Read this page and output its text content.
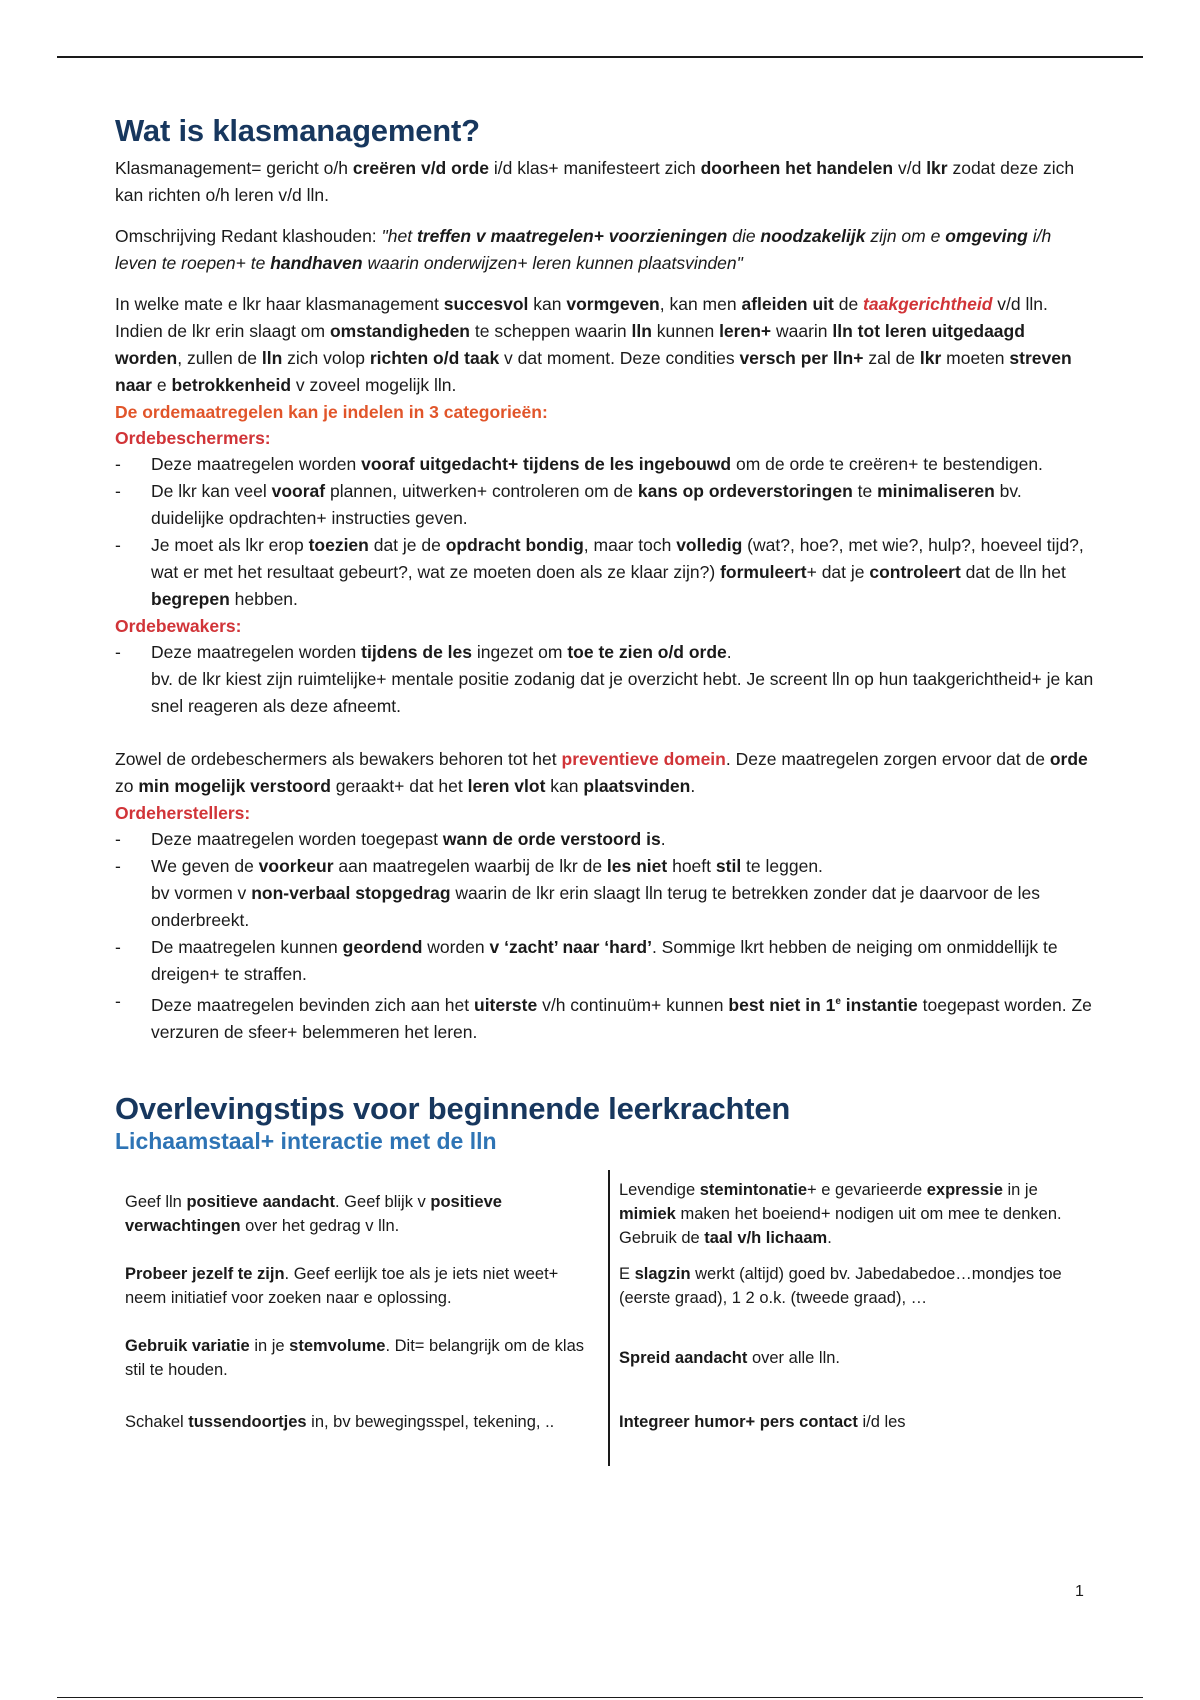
Wat is klasmanagement?

Klasmanagement= gericht o/h creëren v/d orde i/d klas+ manifesteert zich doorheen het handelen v/d lkr zodat deze zich kan richten o/h leren v/d lln.

Omschrijving Redant klashouden: "het treffen v maatregelen+ voorzieningen die noodzakelijk zijn om e omgeving i/h leven te roepen+ te handhaven waarin onderwijzen+ leren kunnen plaatsvinden"

In welke mate e lkr haar klasmanagement succesvol kan vormgeven, kan men afleiden uit de taakgerichtheid v/d lln. Indien de lkr erin slaagt om omstandigheden te scheppen waarin lln kunnen leren+ waarin lln tot leren uitgedaagd worden, zullen de lln zich volop richten o/d taak v dat moment. Deze condities versch per lln+ zal de lkr moeten streven naar e betrokkenheid v zoveel mogelijk lln.

De ordemaatregelen kan je indelen in 3 categorieën:

Ordebeschermers:

- Deze maatregelen worden vooraf uitgedacht+ tijdens de les ingebouwd om de orde te creëren+ te bestendigen.
- De lkr kan veel vooraf plannen, uitwerken+ controleren om de kans op ordeverstoringen te minimaliseren bv. duidelijke opdrachten+ instructies geven.
- Je moet als lkr erop toezien dat je de opdracht bondig, maar toch volledig (wat?, hoe?, met wie?, hulp?, hoeveel tijd?, wat er met het resultaat gebeurt?, wat ze moeten doen als ze klaar zijn?) formuleert+ dat je controleert dat de lln het begrepen hebben.

Ordebewakers:

- Deze maatregelen worden tijdens de les ingezet om toe te zien o/d orde.
bv. de lkr kiest zijn ruimtelijke+ mentale positie zodanig dat je overzicht hebt. Je screent lln op hun taakgerichtheid+ je kan snel reageren als deze afneemt.

Zowel de ordebeschermers als bewakers behoren tot het preventieve domein. Deze maatregelen zorgen ervoor dat de orde zo min mogelijk verstoord geraakt+ dat het leren vlot kan plaatsvinden.

Ordeherstellers:

- Deze maatregelen worden toegepast wann de orde verstoord is.
- We geven de voorkeur aan maatregelen waarbij de lkr de les niet hoeft stil te leggen.
bv vormen v non-verbaal stopgedrag waarin de lkr erin slaagt lln terug te betrekken zonder dat je daarvoor de les onderbreekt.
- De maatregelen kunnen geordend worden v ‘zacht’ naar ‘hard’. Sommige lkrt hebben de neiging om onmiddellijk te dreigen+ te straffen.
- Deze maatregelen bevinden zich aan het uiterste v/h continuüm+ kunnen best niet in 1e instantie toegepast worden. Ze verzuren de sfeer+ belemmeren het leren.
Overlevingstips voor beginnende leerkrachten
Lichaamstaal+ interactie met de lln
Geef lln positieve aandacht. Geef blijk v positieve verwachtingen over het gedrag v lln.
Levendige stemintonatie+ e gevarieerde expressie in je mimiek maken het boeiend+ nodigen uit om mee te denken. Gebruik de taal v/h lichaam.
Probeer jezelf te zijn. Geef eerlijk toe als je iets niet weet+ neem initiatief voor zoeken naar e oplossing.
E slagzin werkt (altijd) goed bv. Jabedabedoe…mondjes toe (eerste graad), 1 2 o.k. (tweede graad), …
Gebruik variatie in je stemvolume. Dit= belangrijk om de klas stil te houden.
Spreid aandacht over alle lln.
Schakel tussendoortjes in, bv bewegingsspel, tekening, ..	Integreer humor+ pers contact i/d les
1
